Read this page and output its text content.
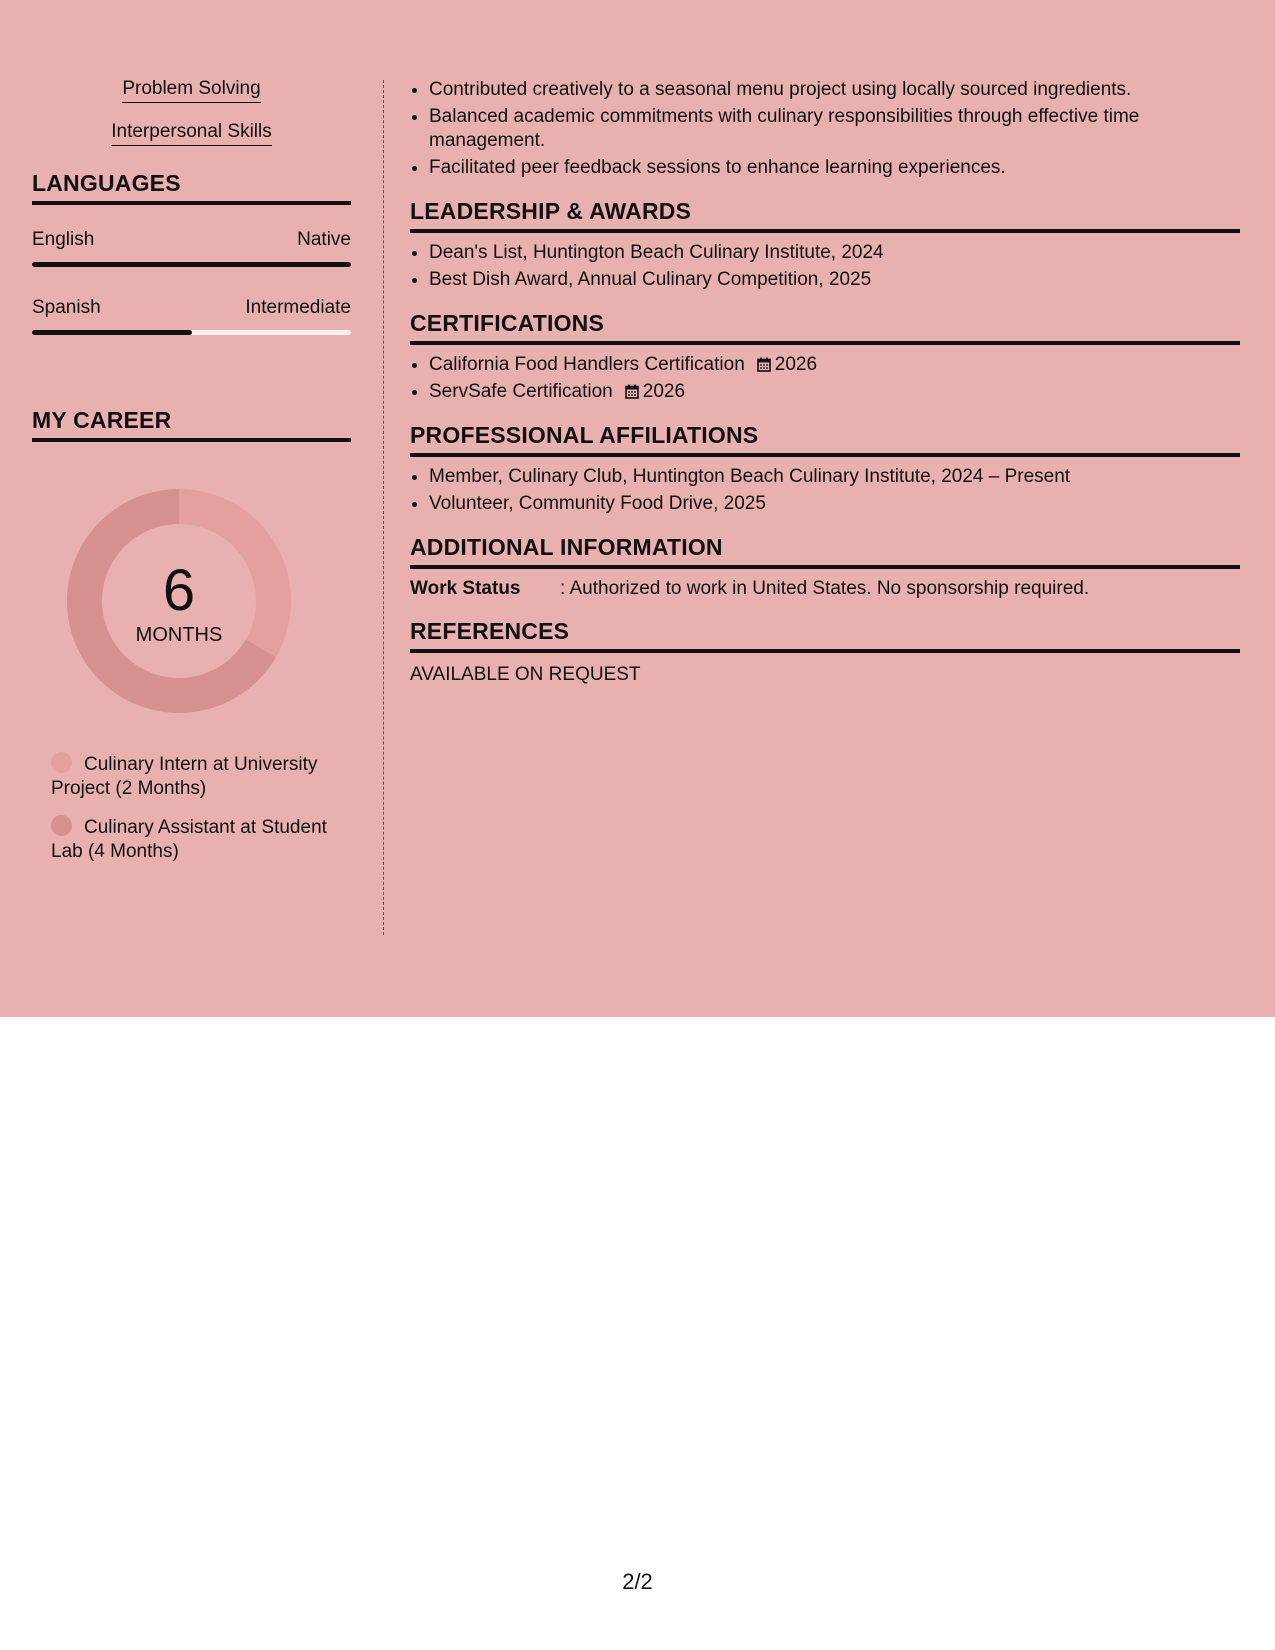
Problem Solving
Interpersonal Skills
LANGUAGES
English	Native
Spanish	Intermediate
MY CAREER
6
MONTHS
Culinary Intern at University Project (2 Months)
Culinary Assistant at Student Lab (4 Months)
• Contributed creatively to a seasonal menu project using locally sourced ingredients.
• Balanced academic commitments with culinary responsibilities through effective time management.
• Facilitated peer feedback sessions to enhance learning experiences.
LEADERSHIP & AWARDS
• Dean's List, Huntington Beach Culinary Institute, 2024
• Best Dish Award, Annual Culinary Competition, 2025
CERTIFICATIONS
• California Food Handlers Certification 2026
• ServSafe Certification 2026
PROFESSIONAL AFFILIATIONS
• Member, Culinary Club, Huntington Beach Culinary Institute, 2024 – Present
• Volunteer, Community Food Drive, 2025
ADDITIONAL INFORMATION
Work Status	: Authorized to work in United States. No sponsorship required.
REFERENCES
AVAILABLE ON REQUEST
2/2
